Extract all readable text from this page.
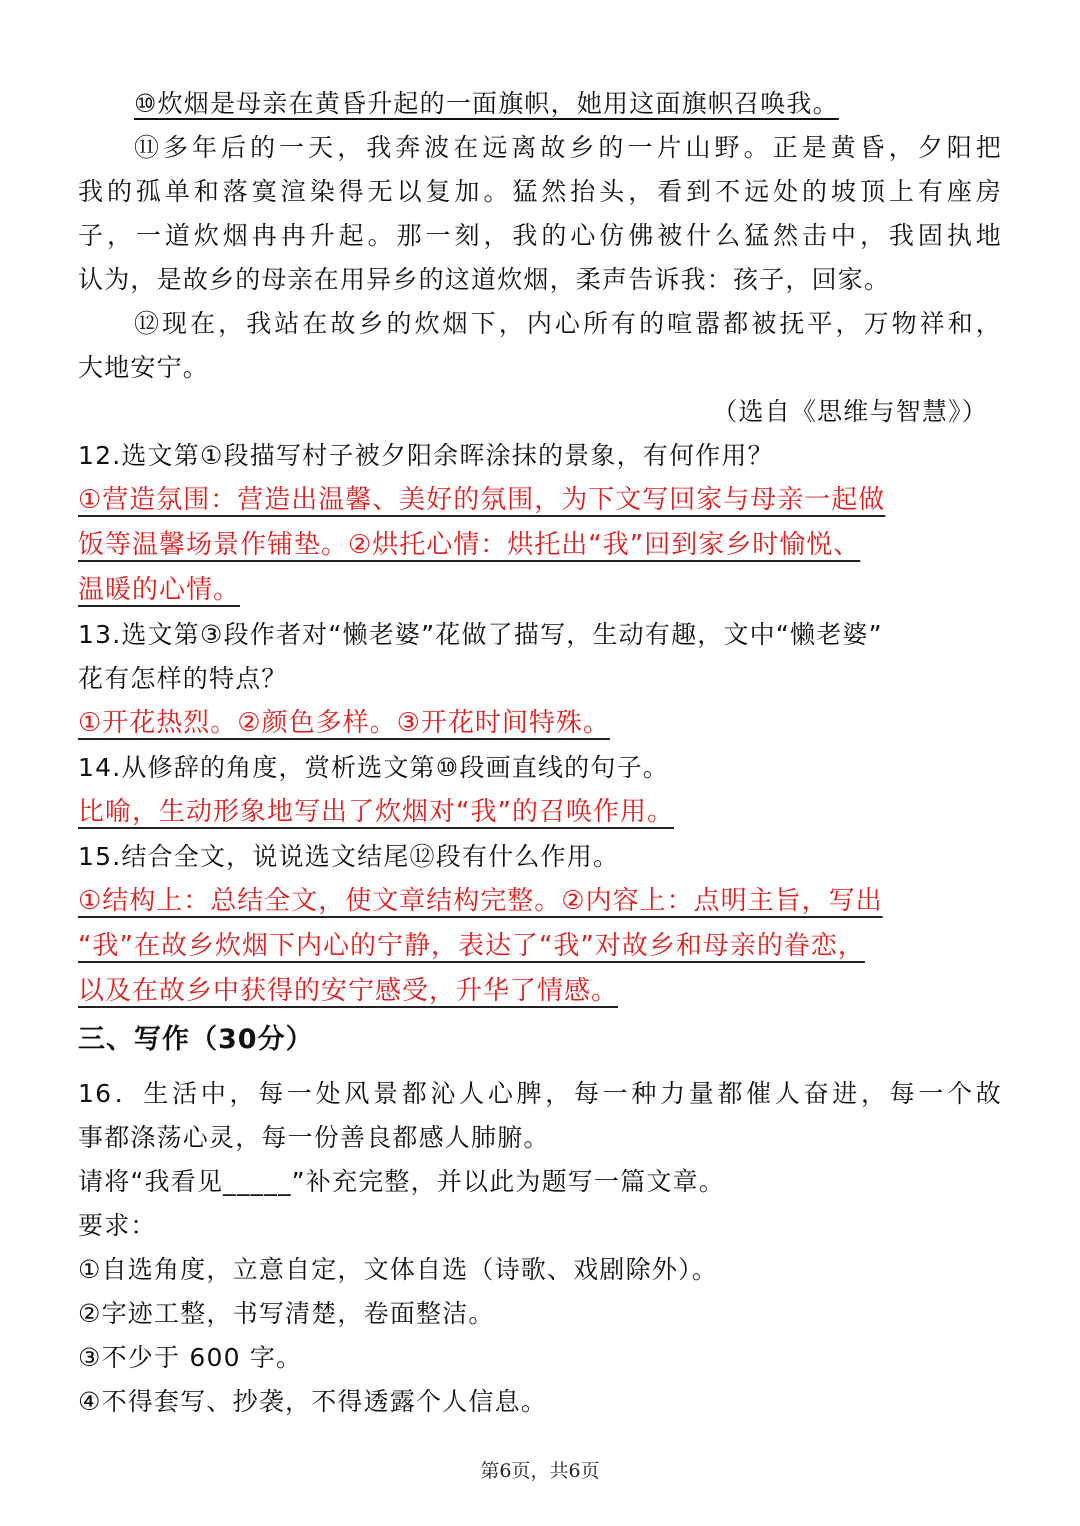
⑩炊烟是母亲在黄昏升起的一面旗帜，她用这面旗帜召唤我。

⑪多年后的一天，我奔波在远离故乡的一片山野。正是黄昏，夕阳把

我的孤单和落寞渲染得无以复加。猛然抬头，看到不远处的坡顶上有座房

子，一道炊烟冉冉升起。那一刻，我的心仿佛被什么猛然击中，我固执地

认为，是故乡的母亲在用异乡的这道炊烟，柔声告诉我：孩子，回家。

⑫现在，我站在故乡的炊烟下，内心所有的喧嚣都被抚平，万物祥和，

大地安宁。

（选自《思维与智慧》）

12.选文第①段描写村子被夕阳余晖涂抹的景象，有何作用？

①营造氛围：营造出温馨、美好的氛围，为下文写回家与母亲一起做

饭等温馨场景作铺垫。②烘托心情：烘托出“我”回到家乡时愉悦、

温暖的心情。

13.选文第③段作者对“懒老婆”花做了描写，生动有趣，文中“懒老婆”

花有怎样的特点？

①开花热烈。②颜色多样。③开花时间特殊。

14.从修辞的角度，赏析选文第⑩段画直线的句子。

比喻，生动形象地写出了炊烟对“我”的召唤作用。

15.结合全文，说说选文结尾⑫段有什么作用。

①结构上：总结全文，使文章结构完整。②内容上：点明主旨，写出

“我”在故乡炊烟下内心的宁静，表达了“我”对故乡和母亲的眷恋，

以及在故乡中获得的安宁感受，升华了情感。

三、写作（30分）

16．生活中，每一处风景都沁人心脾，每一种力量都催人奋进，每一个故

事都涤荡心灵，每一份善良都感人肺腑。

请将“我看见_____”补充完整，并以此为题写一篇文章。

要求：

①自选角度，立意自定，文体自选（诗歌、戏剧除外）。

②字迹工整，书写清楚，卷面整洁。

③不少于 600 字。

④不得套写、抄袭，不得透露个人信息。

第6页，共6页
